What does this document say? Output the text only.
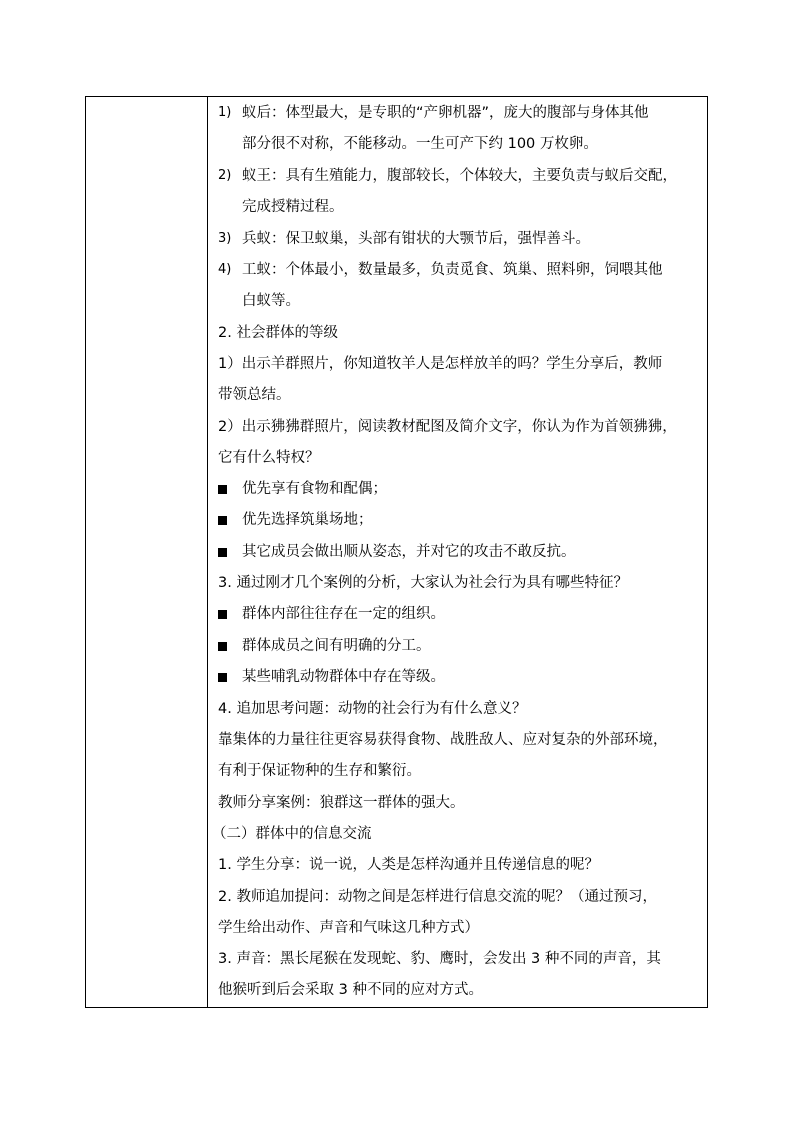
1) 蚁后：体型最大，是专职的“产卵机器”，庞大的腹部与身体其他
部分很不对称，不能移动。一生可产下约 100 万枚卵。
2) 蚁王：具有生殖能力，腹部较长，个体较大，主要负责与蚁后交配，
完成授精过程。
3) 兵蚁：保卫蚁巢，头部有钳状的大颚节后，强悍善斗。
4) 工蚁：个体最小，数量最多，负责觅食、筑巢、照料卵，饲喂其他
白蚁等。
2. 社会群体的等级
1）出示羊群照片，你知道牧羊人是怎样放羊的吗？学生分享后，教师
带领总结。
2）出示狒狒群照片，阅读教材配图及简介文字，你认为作为首领狒狒，
它有什么特权？
优先享有食物和配偶；
优先选择筑巢场地；
其它成员会做出顺从姿态，并对它的攻击不敢反抗。
3. 通过刚才几个案例的分析，大家认为社会行为具有哪些特征？
群体内部往往存在一定的组织。
群体成员之间有明确的分工。
某些哺乳动物群体中存在等级。
4. 追加思考问题：动物的社会行为有什么意义？
靠集体的力量往往更容易获得食物、战胜敌人、应对复杂的外部环境，
有利于保证物种的生存和繁衍。
教师分享案例：狼群这一群体的强大。
（二）群体中的信息交流
1. 学生分享：说一说，人类是怎样沟通并且传递信息的呢？
2. 教师追加提问：动物之间是怎样进行信息交流的呢？（通过预习，
学生给出动作、声音和气味这几种方式）
3. 声音：黑长尾猴在发现蛇、豹、鹰时，会发出 3 种不同的声音，其
他猴听到后会采取 3 种不同的应对方式。
